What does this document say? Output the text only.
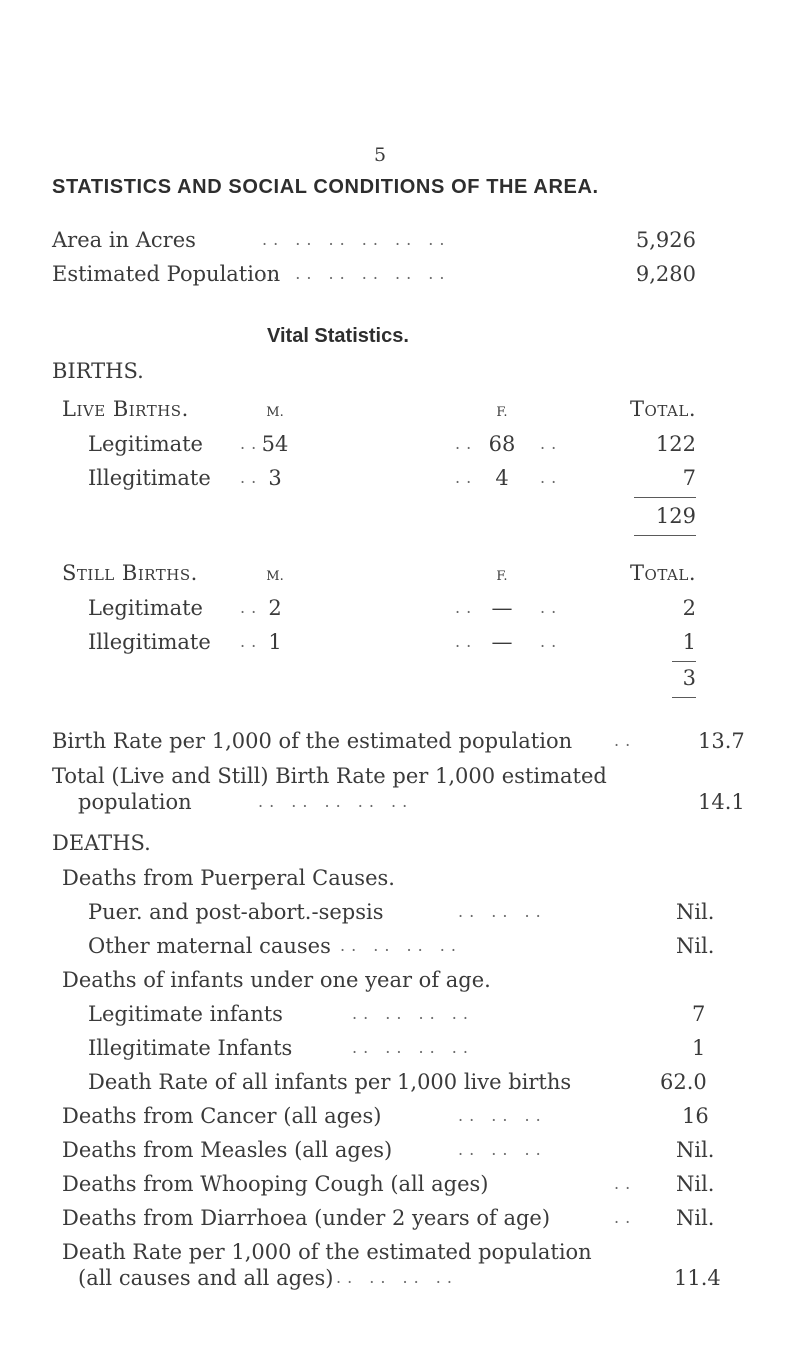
5
STATISTICS AND SOCIAL CONDITIONS OF THE AREA.
Area in Acres	.. .. .. .. .. ..	5,926
Estimated Population
.. .. .. .. .. ..	9,280
Vital Statistics.
BIRTHS.
Live Births.	M.	F.	Total.
Legitimate .. 54	.. 68	..	122
Illegitimate .. 3	.. 4	..	7
129
Still Births.	M.	F.	Total.
Legitimate .. 2	.. —	..	2
Illegitimate .. 1	.. —	..	1
3
Birth Rate per 1,000 of the estimated population	..	13.7
Total (Live and Still) Birth Rate per 1,000 estimated
population	.. .. .. .. ..	14.1
DEATHS.
Deaths from Puerperal Causes.
Puer. and post-abort.-sepsis	.. .. ..	Nil.
Other maternal causes .. .. .. ..	Nil.
Deaths of infants under one year of age.
Legitimate infants	.. .. .. ..	7
Illegitimate Infants	.. .. .. ..	1
Death Rate of all infants per 1,000 live births	62.0
Deaths from Cancer (all ages)	.. .. ..	16
Deaths from Measles (all ages)	.. .. ..	Nil.
Deaths from Whooping Cough (all ages)	.. Nil.
Deaths from Diarrhoea (under 2 years of age)	.. Nil.
Death Rate per 1,000 of the estimated population
(all causes and all ages) .. .. .. ..	11.4
